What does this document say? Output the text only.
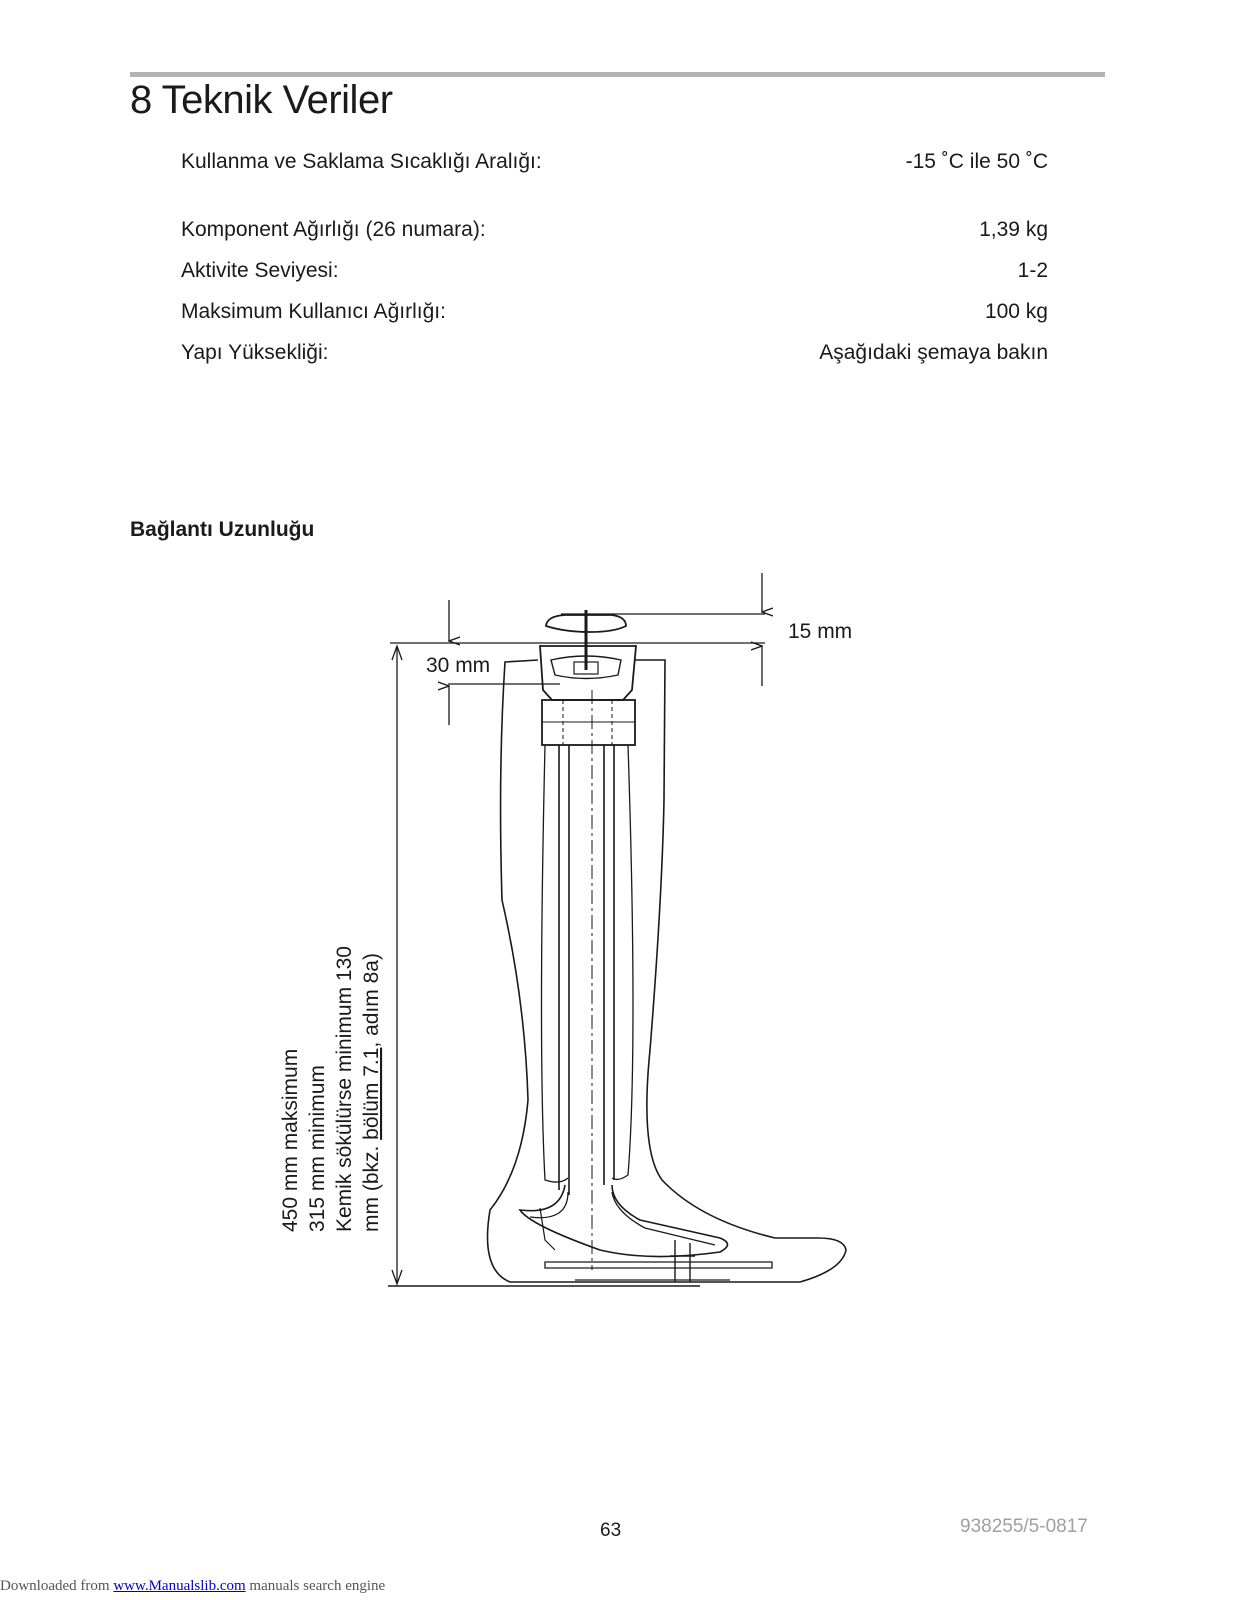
8 Teknik Veriler
Kullanma ve Saklama Sıcaklığı Aralığı:	-15 ˚C ile 50 ˚C
Komponent Ağırlığı (26 numara):	1,39 kg
Aktivite Seviyesi:	1-2
Maksimum Kullanıcı Ağırlığı:	100 kg
Yapı Yüksekliği:	Aşağıdaki şemaya bakın
Bağlantı Uzunluğu
15 mm
30 mm
450 mm maksimum 315 mm minimum Kemik sökülürse minimum 130 mm (bkz. bölüm 7.1, adım 8a)
63	938255/5-0817
Downloaded from www.Manualslib.com manuals search engine
